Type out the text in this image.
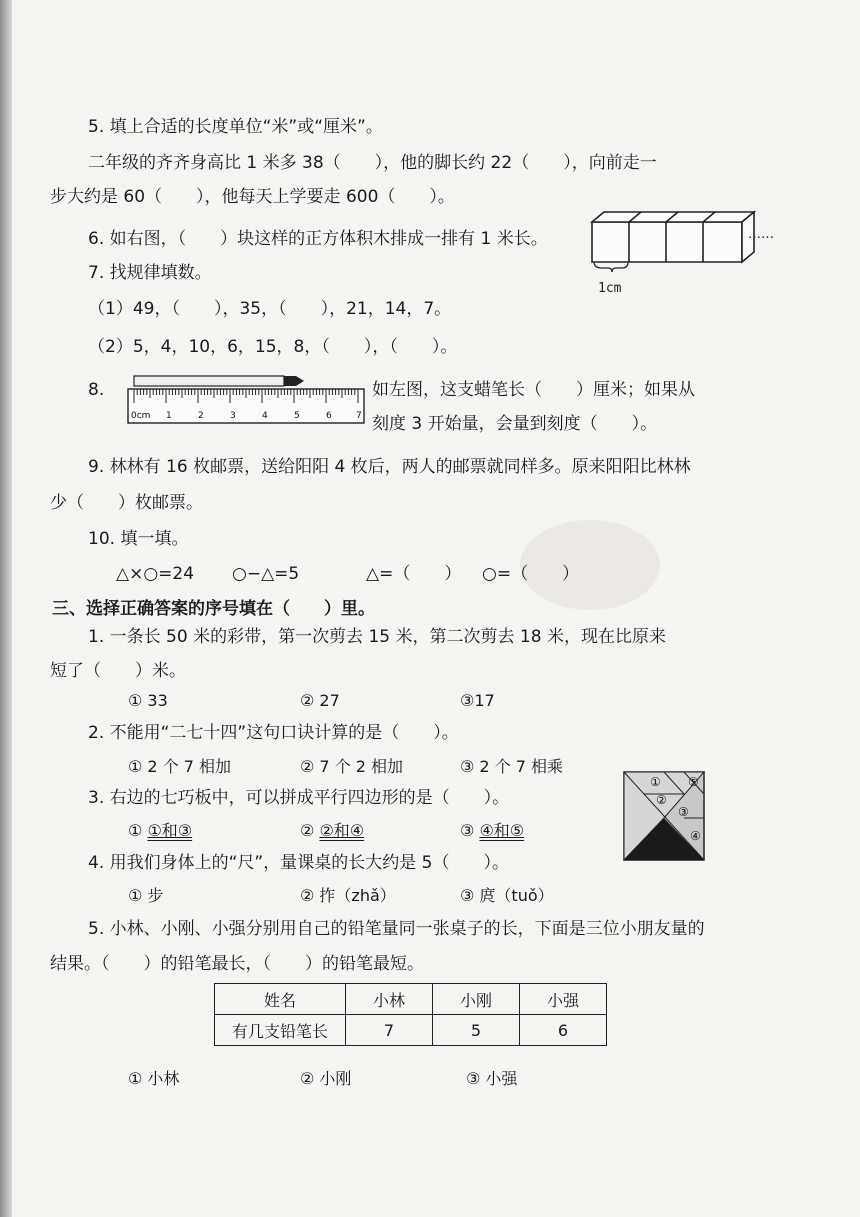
5. 填上合适的长度单位“米”或“厘米”。
二年级的齐齐身高比 1 米多 38（　　），他的脚长约 22（　　），向前走一
步大约是 60（　　），他每天上学要走 600（　　）。
6. 如右图，（　　）块这样的正方体积木排成一排有 1 米长。	……
1cm
7. 找规律填数。
（1）49，（　　），35，（　　），21，14，7。
（2）5，4，10，6，15，8，（　　），（　　）。
8.
0cm 1	2	3	4	5	6	7
如左图，这支蜡笔长（　　）厘米；如果从
刻度 3 开始量，会量到刻度（　　）。
9. 林林有 16 枚邮票，送给阳阳 4 枚后，两人的邮票就同样多。原来阳阳比林林
少（　　）枚邮票。
10. 填一填。
△×○=24 ○−△=5	△=（　　） ○=（　　）
三、选择正确答案的序号填在（　　）里。
1. 一条长 50 米的彩带，第一次剪去 15 米，第二次剪去 18 米，现在比原来
短了（　　）米。
① 33	② 27	③17
2. 不能用“二七十四”这句口诀计算的是（　　）。
① 2 个 7 相加	② 7 个 2 相加	③ 2 个 7 相乘
3. 右边的七巧板中，可以拼成平行四边形的是（　　）。
① ①和③	② ②和④	③ ④和⑤
①
②
③
④
⑤
4. 用我们身体上的“尺”，量课桌的长大约是 5（　　）。
① 步	② 拃（zhǎ）	③ 庹（tuǒ）
5. 小林、小刚、小强分别用自己的铅笔量同一张桌子的长，下面是三位小朋友量的
结果。（　　）的铅笔最长，（　　）的铅笔最短。
姓名	小林	小刚	小强
有几支铅笔长	7	5	6
① 小林	② 小刚	③ 小强
